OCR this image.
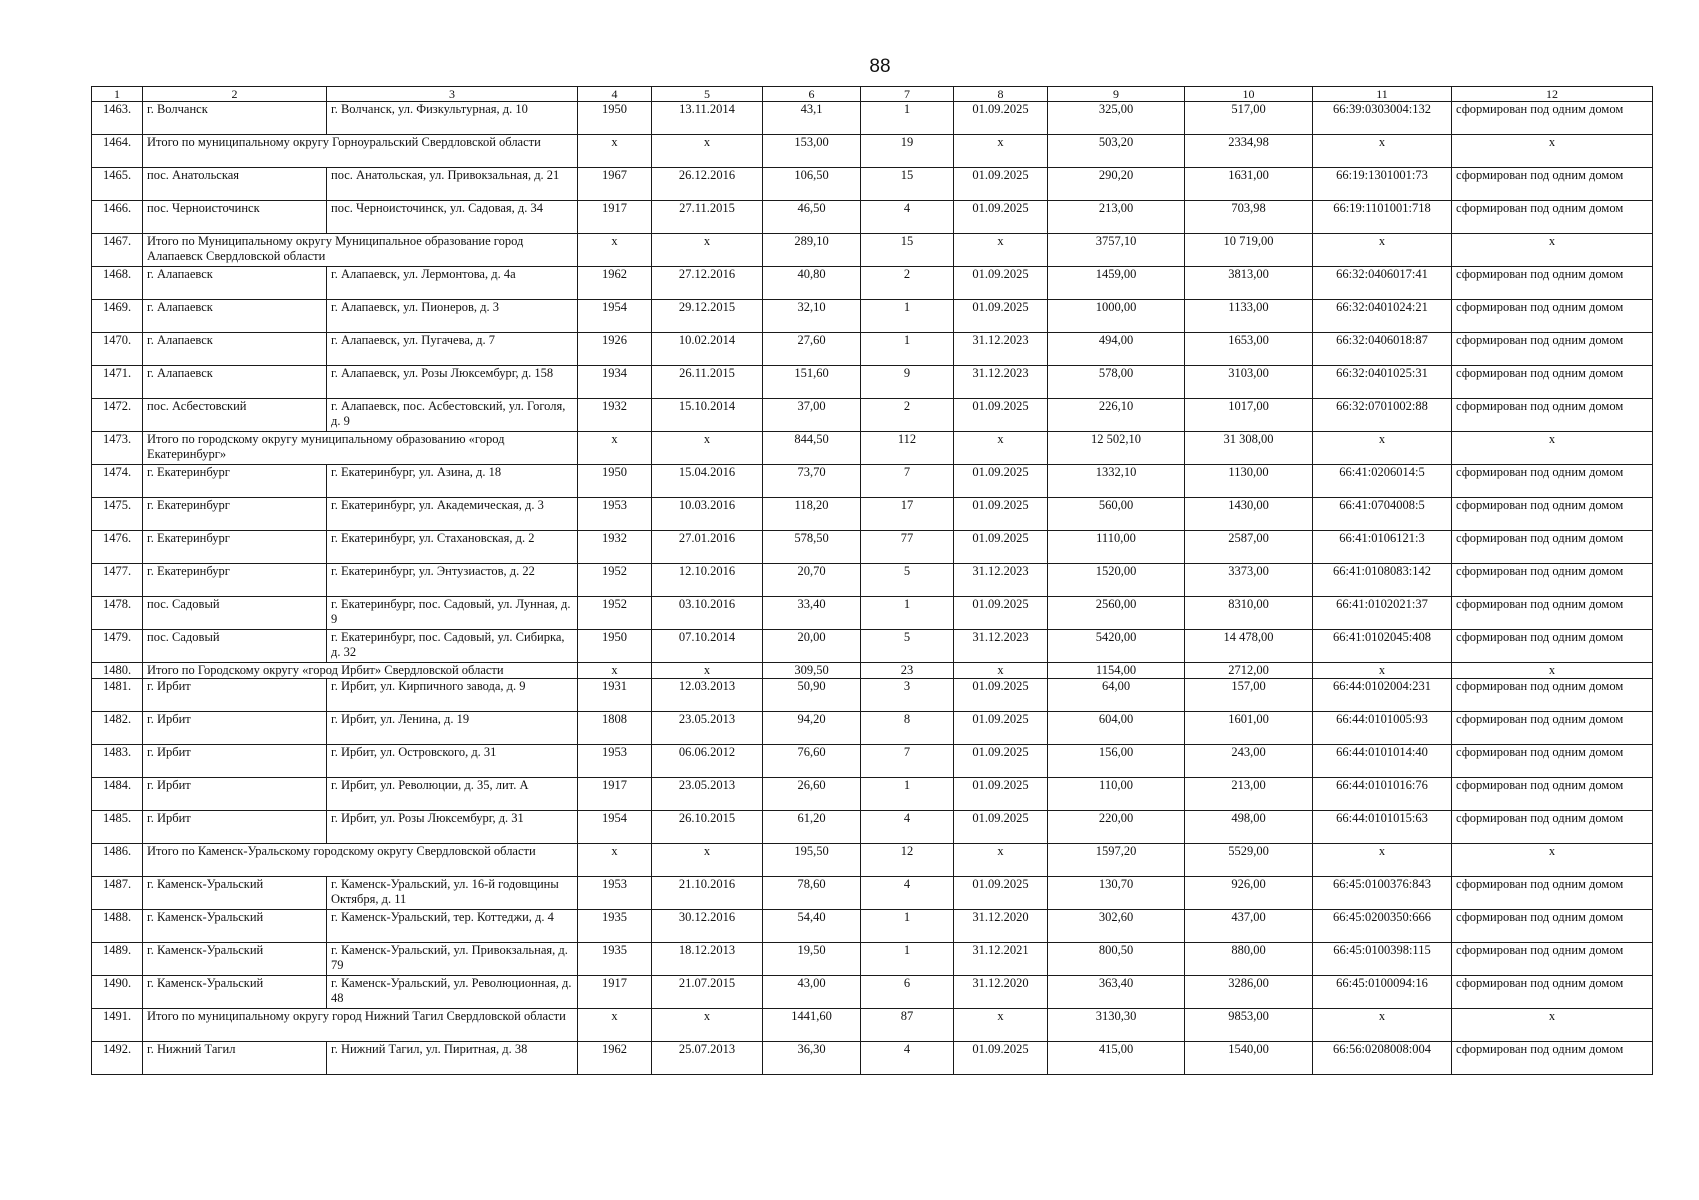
88
1	2	3	4	5	6	7	8	9	10	11	12
1463.	г. Волчанск	г. Волчанск, ул. Физкультурная, д. 10	1950	13.11.2014	43,1	1	01.09.2025	325,00	517,00	66:39:0303004:132	сформирован под одним домом
1464.	Итого по муниципальному округу Горноуральский Свердловской области		x	x	153,00	19	x	503,20	2334,98	x	x
1465.	пос. Анатольская	пос. Анатольская, ул. Привокзальная, д. 21	1967	26.12.2016	106,50	15	01.09.2025	290,20	1631,00	66:19:1301001:73	сформирован под одним домом
1466.	пос. Черноисточинск	пос. Черноисточинск, ул. Садовая, д. 34	1917	27.11.2015	46,50	4	01.09.2025	213,00	703,98	66:19:1101001:718	сформирован под одним домом
1467.	Итого по Муниципальному округу Муниципальное образование город Алапаевск Свердловской области		x	x	289,10	15	x	3757,10	10 719,00	x	x
1468.	г. Алапаевск	г. Алапаевск, ул. Лермонтова, д. 4а	1962	27.12.2016	40,80	2	01.09.2025	1459,00	3813,00	66:32:0406017:41	сформирован под одним домом
1469.	г. Алапаевск	г. Алапаевск, ул. Пионеров, д. 3	1954	29.12.2015	32,10	1	01.09.2025	1000,00	1133,00	66:32:0401024:21	сформирован под одним домом
1470.	г. Алапаевск	г. Алапаевск, ул. Пугачева, д. 7	1926	10.02.2014	27,60	1	31.12.2023	494,00	1653,00	66:32:0406018:87	сформирован под одним домом
1471.	г. Алапаевск	г. Алапаевск, ул. Розы Люксембург, д. 158	1934	26.11.2015	151,60	9	31.12.2023	578,00	3103,00	66:32:0401025:31	сформирован под одним домом
1472.	пос. Асбестовский	г. Алапаевск, пос. Асбестовский, ул. Гоголя, д. 9	1932	15.10.2014	37,00	2	01.09.2025	226,10	1017,00	66:32:0701002:88	сформирован под одним домом
1473.	Итого по городскому округу муниципальному образованию «город Екатеринбург»		x	x	844,50	112	x	12 502,10	31 308,00	x	x
1474.	г. Екатеринбург	г. Екатеринбург, ул. Азина, д. 18	1950	15.04.2016	73,70	7	01.09.2025	1332,10	1130,00	66:41:0206014:5	сформирован под одним домом
1475.	г. Екатеринбург	г. Екатеринбург, ул. Академическая, д. 3	1953	10.03.2016	118,20	17	01.09.2025	560,00	1430,00	66:41:0704008:5	сформирован под одним домом
1476.	г. Екатеринбург	г. Екатеринбург, ул. Стахановская, д. 2	1932	27.01.2016	578,50	77	01.09.2025	1110,00	2587,00	66:41:0106121:3	сформирован под одним домом
1477.	г. Екатеринбург	г. Екатеринбург, ул. Энтузиастов, д. 22	1952	12.10.2016	20,70	5	31.12.2023	1520,00	3373,00	66:41:0108083:142	сформирован под одним домом
1478.	пос. Садовый	г. Екатеринбург, пос. Садовый, ул. Лунная, д. 9	1952	03.10.2016	33,40	1	01.09.2025	2560,00	8310,00	66:41:0102021:37	сформирован под одним домом
1479.	пос. Садовый	г. Екатеринбург, пос. Садовый, ул. Сибирка, д. 32	1950	07.10.2014	20,00	5	31.12.2023	5420,00	14 478,00	66:41:0102045:408	сформирован под одним домом
1480.	Итого по Городскому округу «город Ирбит» Свердловской области		x	x	309,50	23	x	1154,00	2712,00	x	x
1481.	г. Ирбит	г. Ирбит, ул. Кирпичного завода, д. 9	1931	12.03.2013	50,90	3	01.09.2025	64,00	157,00	66:44:0102004:231	сформирован под одним домом
1482.	г. Ирбит	г. Ирбит, ул. Ленина, д. 19	1808	23.05.2013	94,20	8	01.09.2025	604,00	1601,00	66:44:0101005:93	сформирован под одним домом
1483.	г. Ирбит	г. Ирбит, ул. Островского, д. 31	1953	06.06.2012	76,60	7	01.09.2025	156,00	243,00	66:44:0101014:40	сформирован под одним домом
1484.	г. Ирбит	г. Ирбит, ул. Революции, д. 35, лит. А	1917	23.05.2013	26,60	1	01.09.2025	110,00	213,00	66:44:0101016:76	сформирован под одним домом
1485.	г. Ирбит	г. Ирбит, ул. Розы Люксембург, д. 31	1954	26.10.2015	61,20	4	01.09.2025	220,00	498,00	66:44:0101015:63	сформирован под одним домом
1486.	Итого по Каменск-Уральскому городскому округу Свердловской области		x	x	195,50	12	x	1597,20	5529,00	x	x
1487.	г. Каменск-Уральский	г. Каменск-Уральский, ул. 16-й годовщины Октября, д. 11	1953	21.10.2016	78,60	4	01.09.2025	130,70	926,00	66:45:0100376:843	сформирован под одним домом
1488.	г. Каменск-Уральский	г. Каменск-Уральский, тер. Коттеджи, д. 4	1935	30.12.2016	54,40	1	31.12.2020	302,60	437,00	66:45:0200350:666	сформирован под одним домом
1489.	г. Каменск-Уральский	г. Каменск-Уральский, ул. Привокзальная, д. 79	1935	18.12.2013	19,50	1	31.12.2021	800,50	880,00	66:45:0100398:115	сформирован под одним домом
1490.	г. Каменск-Уральский	г. Каменск-Уральский, ул. Революционная, д. 48	1917	21.07.2015	43,00	6	31.12.2020	363,40	3286,00	66:45:0100094:16	сформирован под одним домом
1491.	Итого по муниципальному округу город Нижний Тагил Свердловской области		x	x	1441,60	87	x	3130,30	9853,00	x	x
1492.	г. Нижний Тагил	г. Нижний Тагил, ул. Пиритная, д. 38	1962	25.07.2013	36,30	4	01.09.2025	415,00	1540,00	66:56:0208008:004	сформирован под одним домом
